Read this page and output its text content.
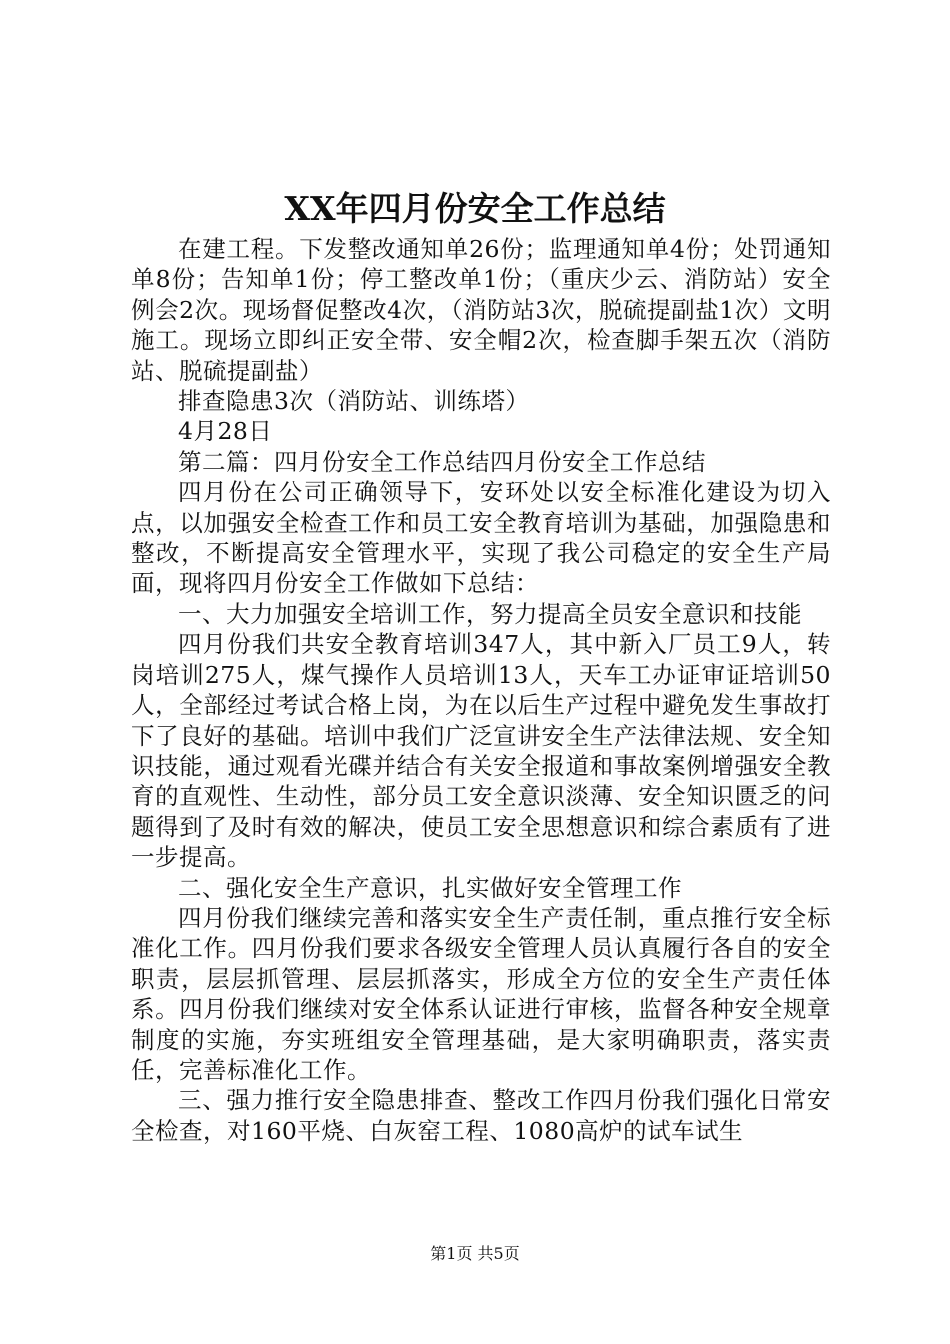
XX年四月份安全工作总结

在建工程。下发整改通知单26份；监理通知单4份；处罚通知单8份；告知单1份；停工整改单1份；（重庆少云、消防站）安全例会2次。现场督促整改4次，（消防站3次，脱硫提副盐1次）文明施工。现场立即纠正安全带、安全帽2次，检查脚手架五次（消防站、脱硫提副盐）

排查隐患3次（消防站、训练塔）

4月28日

第二篇：四月份安全工作总结四月份安全工作总结

四月份在公司正确领导下，安环处以安全标准化建设为切入点，以加强安全检查工作和员工安全教育培训为基础，加强隐患和整改，不断提高安全管理水平，实现了我公司稳定的安全生产局面，现将四月份安全工作做如下总结：

一、大力加强安全培训工作，努力提高全员安全意识和技能

四月份我们共安全教育培训347人，其中新入厂员工9人，转岗培训275人，煤气操作人员培训13人，天车工办证审证培训50人，全部经过考试合格上岗，为在以后生产过程中避免发生事故打下了良好的基础。培训中我们广泛宣讲安全生产法律法规、安全知识技能，通过观看光碟并结合有关安全报道和事故案例增强安全教育的直观性、生动性，部分员工安全意识淡薄、安全知识匮乏的问题得到了及时有效的解决，使员工安全思想意识和综合素质有了进一步提高。

二、强化安全生产意识，扎实做好安全管理工作

四月份我们继续完善和落实安全生产责任制，重点推行安全标准化工作。四月份我们要求各级安全管理人员认真履行各自的安全职责，层层抓管理、层层抓落实，形成全方位的安全生产责任体系。四月份我们继续对安全体系认证进行审核，监督各种安全规章制度的实施，夯实班组安全管理基础，是大家明确职责，落实责任，完善标准化工作。

三、强力推行安全隐患排查、整改工作四月份我们强化日常安全检查，对160平烧、白灰窑工程、1080高炉的试车试生

第1页 共5页
